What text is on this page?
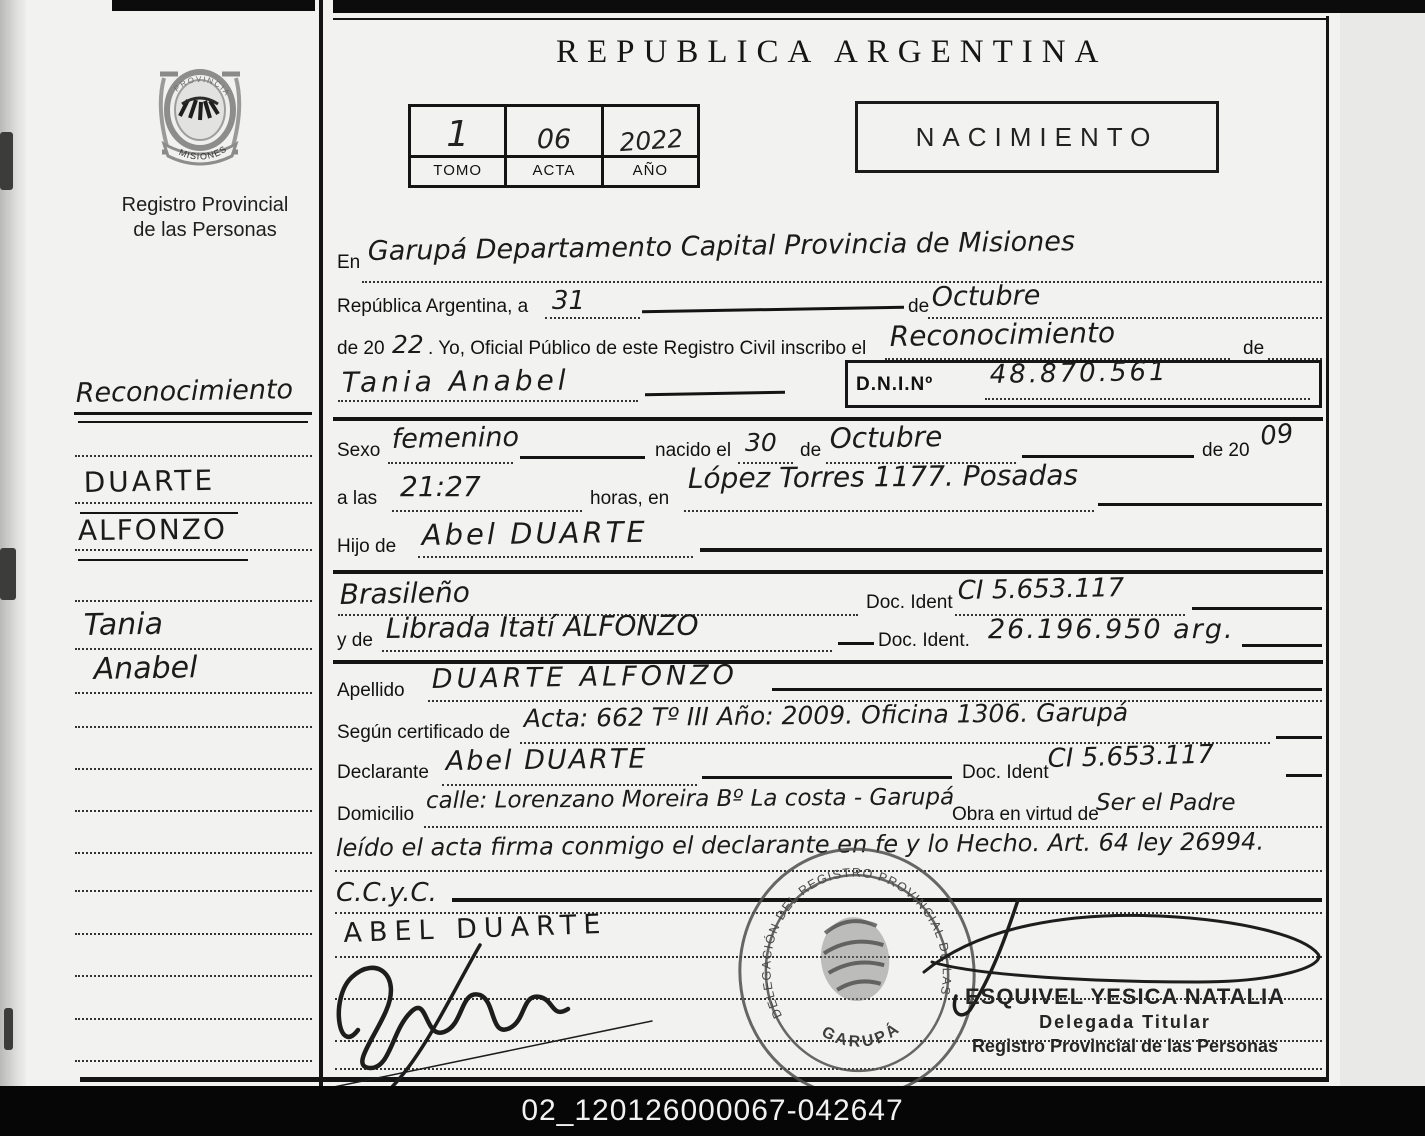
PROVINCIA
MISIONES
Registro Provincial
de las Personas
Reconocimiento
DUARTE
ALFONZO
Tania
Anabel
REPUBLICA ARGENTINA
1
TOMO
06
ACTA
2022
AÑO
NACIMIENTO
En Garupá Departamento Capital Provincia de Misiones
República Argentina, a 31	de Octubre
de 20 22 . Yo, Oficial Público de este Registro Civil inscribo el Reconocimiento	de
Tania Anabel	D.N.I.Nº 48.870.561
Sexo femenino	nacido el 30 de Octubre	de 20 09
a las 21:27	horas, en
López Torres 1177. Posadas
Hijo de Abel DUARTE
Brasileño	Doc. Ident CI 5.653.117
y de Librada Itatí ALFONZO	Doc. Ident. 26.196.950 arg.
Apellido DUARTE ALFONZO
Según certificado de Acta: 662 Tº III Año: 2009. Oficina 1306. Garupá
Declarante Abel DUARTE	Doc. Ident
CI 5.653.117
Domicilio
calle: Lorenzano Moreira Bº La costa - Garupá
Obra en virtud de
Ser el Padre
leído el acta firma conmigo el declarante en fe y lo Hecho. Art. 64 ley 26994.
C.C.y.C.
ABEL DUARTE
DELEGACIÓN DEL REGISTRO PROVINCIAL DE LAS PERSONAS
GARUPÁ
ESQUIVEL YESICA NATALIA
Delegada Titular
Registro Provincial de las Personas
02_120126000067-042647
